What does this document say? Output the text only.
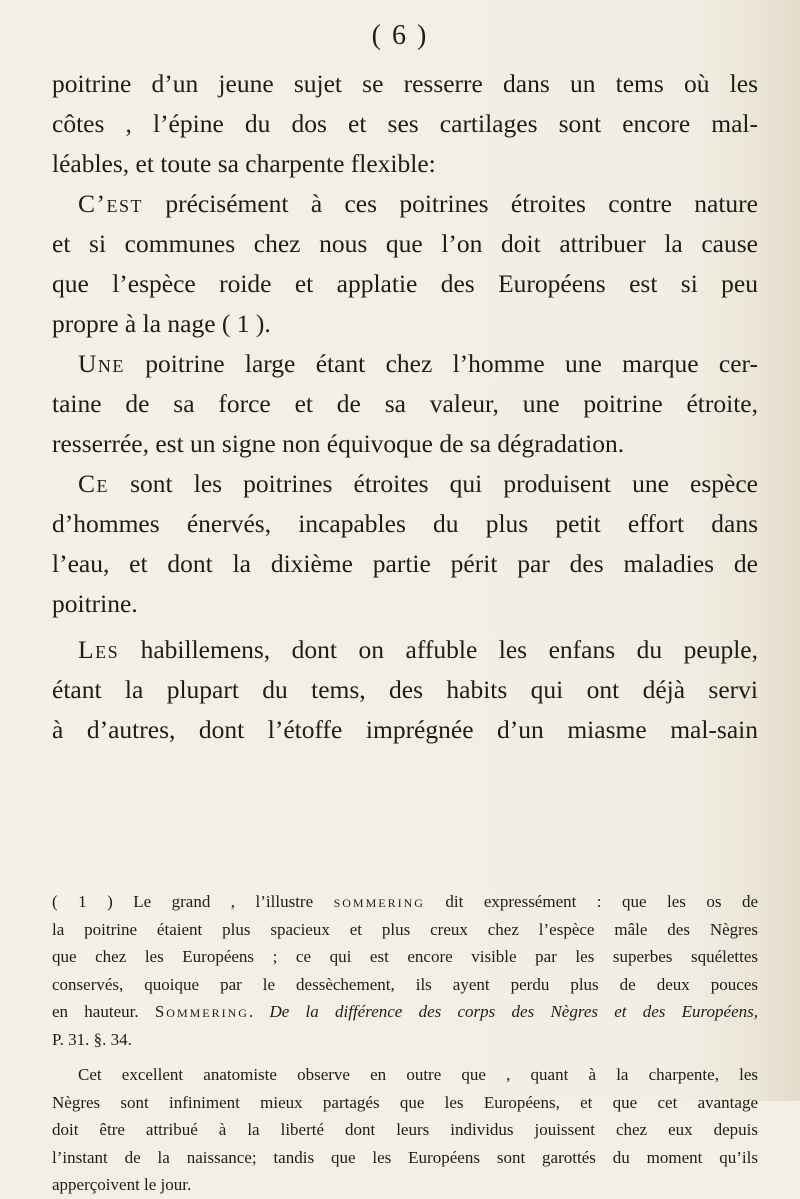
( 6 )
poitrine d’un jeune sujet se resserre dans un tems où les
côtes , l’épine du dos et ses cartilages sont encore mal-
léables, et toute sa charpente flexible:
C’est précisément à ces poitrines étroites contre nature
et si communes chez nous que l’on doit attribuer la cause
que l’espèce roide et applatie des Européens est si peu
propre à la nage ( 1 ).
Une poitrine large étant chez l’homme une marque cer-
taine de sa force et de sa valeur, une poitrine étroite,
resserrée, est un signe non équivoque de sa dégradation.
Ce sont les poitrines étroites qui produisent une espèce
d’hommes énervés, incapables du plus petit effort dans
l’eau, et dont la dixième partie périt par des maladies de
poitrine.
Les habillemens, dont on affuble les enfans du peuple,
étant la plupart du tems, des habits qui ont déjà servi
à d’autres, dont l’étoffe imprégnée d’un miasme mal-sain
( 1 ) Le grand , l’illustre sommering dit expressément : que les os de
la poitrine étaient plus spacieux et plus creux chez l’espèce mâle des Nègres
que chez les Européens ; ce qui est encore visible par les superbes squélettes
conservés, quoique par le dessèchement, ils ayent perdu plus de deux pouces
en hauteur. Sommering. De la différence des corps des Nègres et des Européens,
P. 31. §. 34.
Cet excellent anatomiste observe en outre que , quant à la charpente, les
Nègres sont infiniment mieux partagés que les Européens, et que cet avantage
doit être attribué à la liberté dont leurs individus jouissent chez eux depuis
l’instant de la naissance; tandis que les Européens sont garottés du moment qu’ils
apperçoivent le jour.
